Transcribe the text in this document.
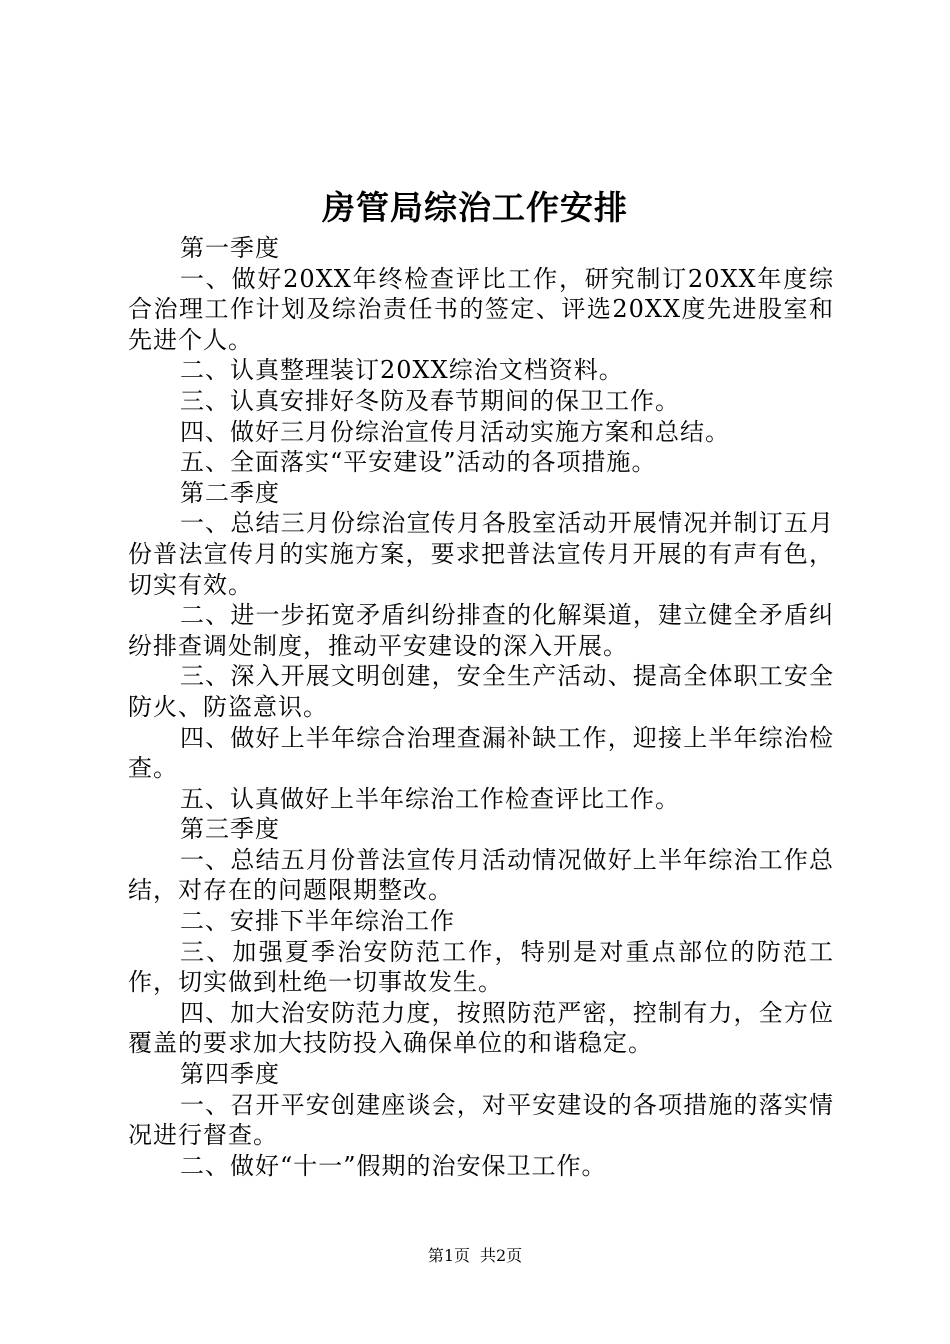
房管局综治工作安排

第一季度

一、做好20XX年终检查评比工作，研究制订20XX年度综合治理工作计划及综治责任书的签定、评选20XX度先进股室和先进个人。

二、认真整理装订20XX综治文档资料。

三、认真安排好冬防及春节期间的保卫工作。

四、做好三月份综治宣传月活动实施方案和总结。

五、全面落实“平安建设”活动的各项措施。

第二季度

一、总结三月份综治宣传月各股室活动开展情况并制订五月份普法宣传月的实施方案，要求把普法宣传月开展的有声有色，切实有效。

二、进一步拓宽矛盾纠纷排查的化解渠道，建立健全矛盾纠纷排查调处制度，推动平安建设的深入开展。

三、深入开展文明创建，安全生产活动、提高全体职工安全防火、防盗意识。

四、做好上半年综合治理查漏补缺工作，迎接上半年综治检查。

五、认真做好上半年综治工作检查评比工作。

第三季度

一、总结五月份普法宣传月活动情况做好上半年综治工作总结，对存在的问题限期整改。

二、安排下半年综治工作

三、加强夏季治安防范工作，特别是对重点部位的防范工作，切实做到杜绝一切事故发生。

四、加大治安防范力度，按照防范严密，控制有力，全方位覆盖的要求加大技防投入确保单位的和谐稳定。

第四季度

一、召开平安创建座谈会，对平安建设的各项措施的落实情况进行督查。

二、做好“十一”假期的治安保卫工作。

第1页 共2页
